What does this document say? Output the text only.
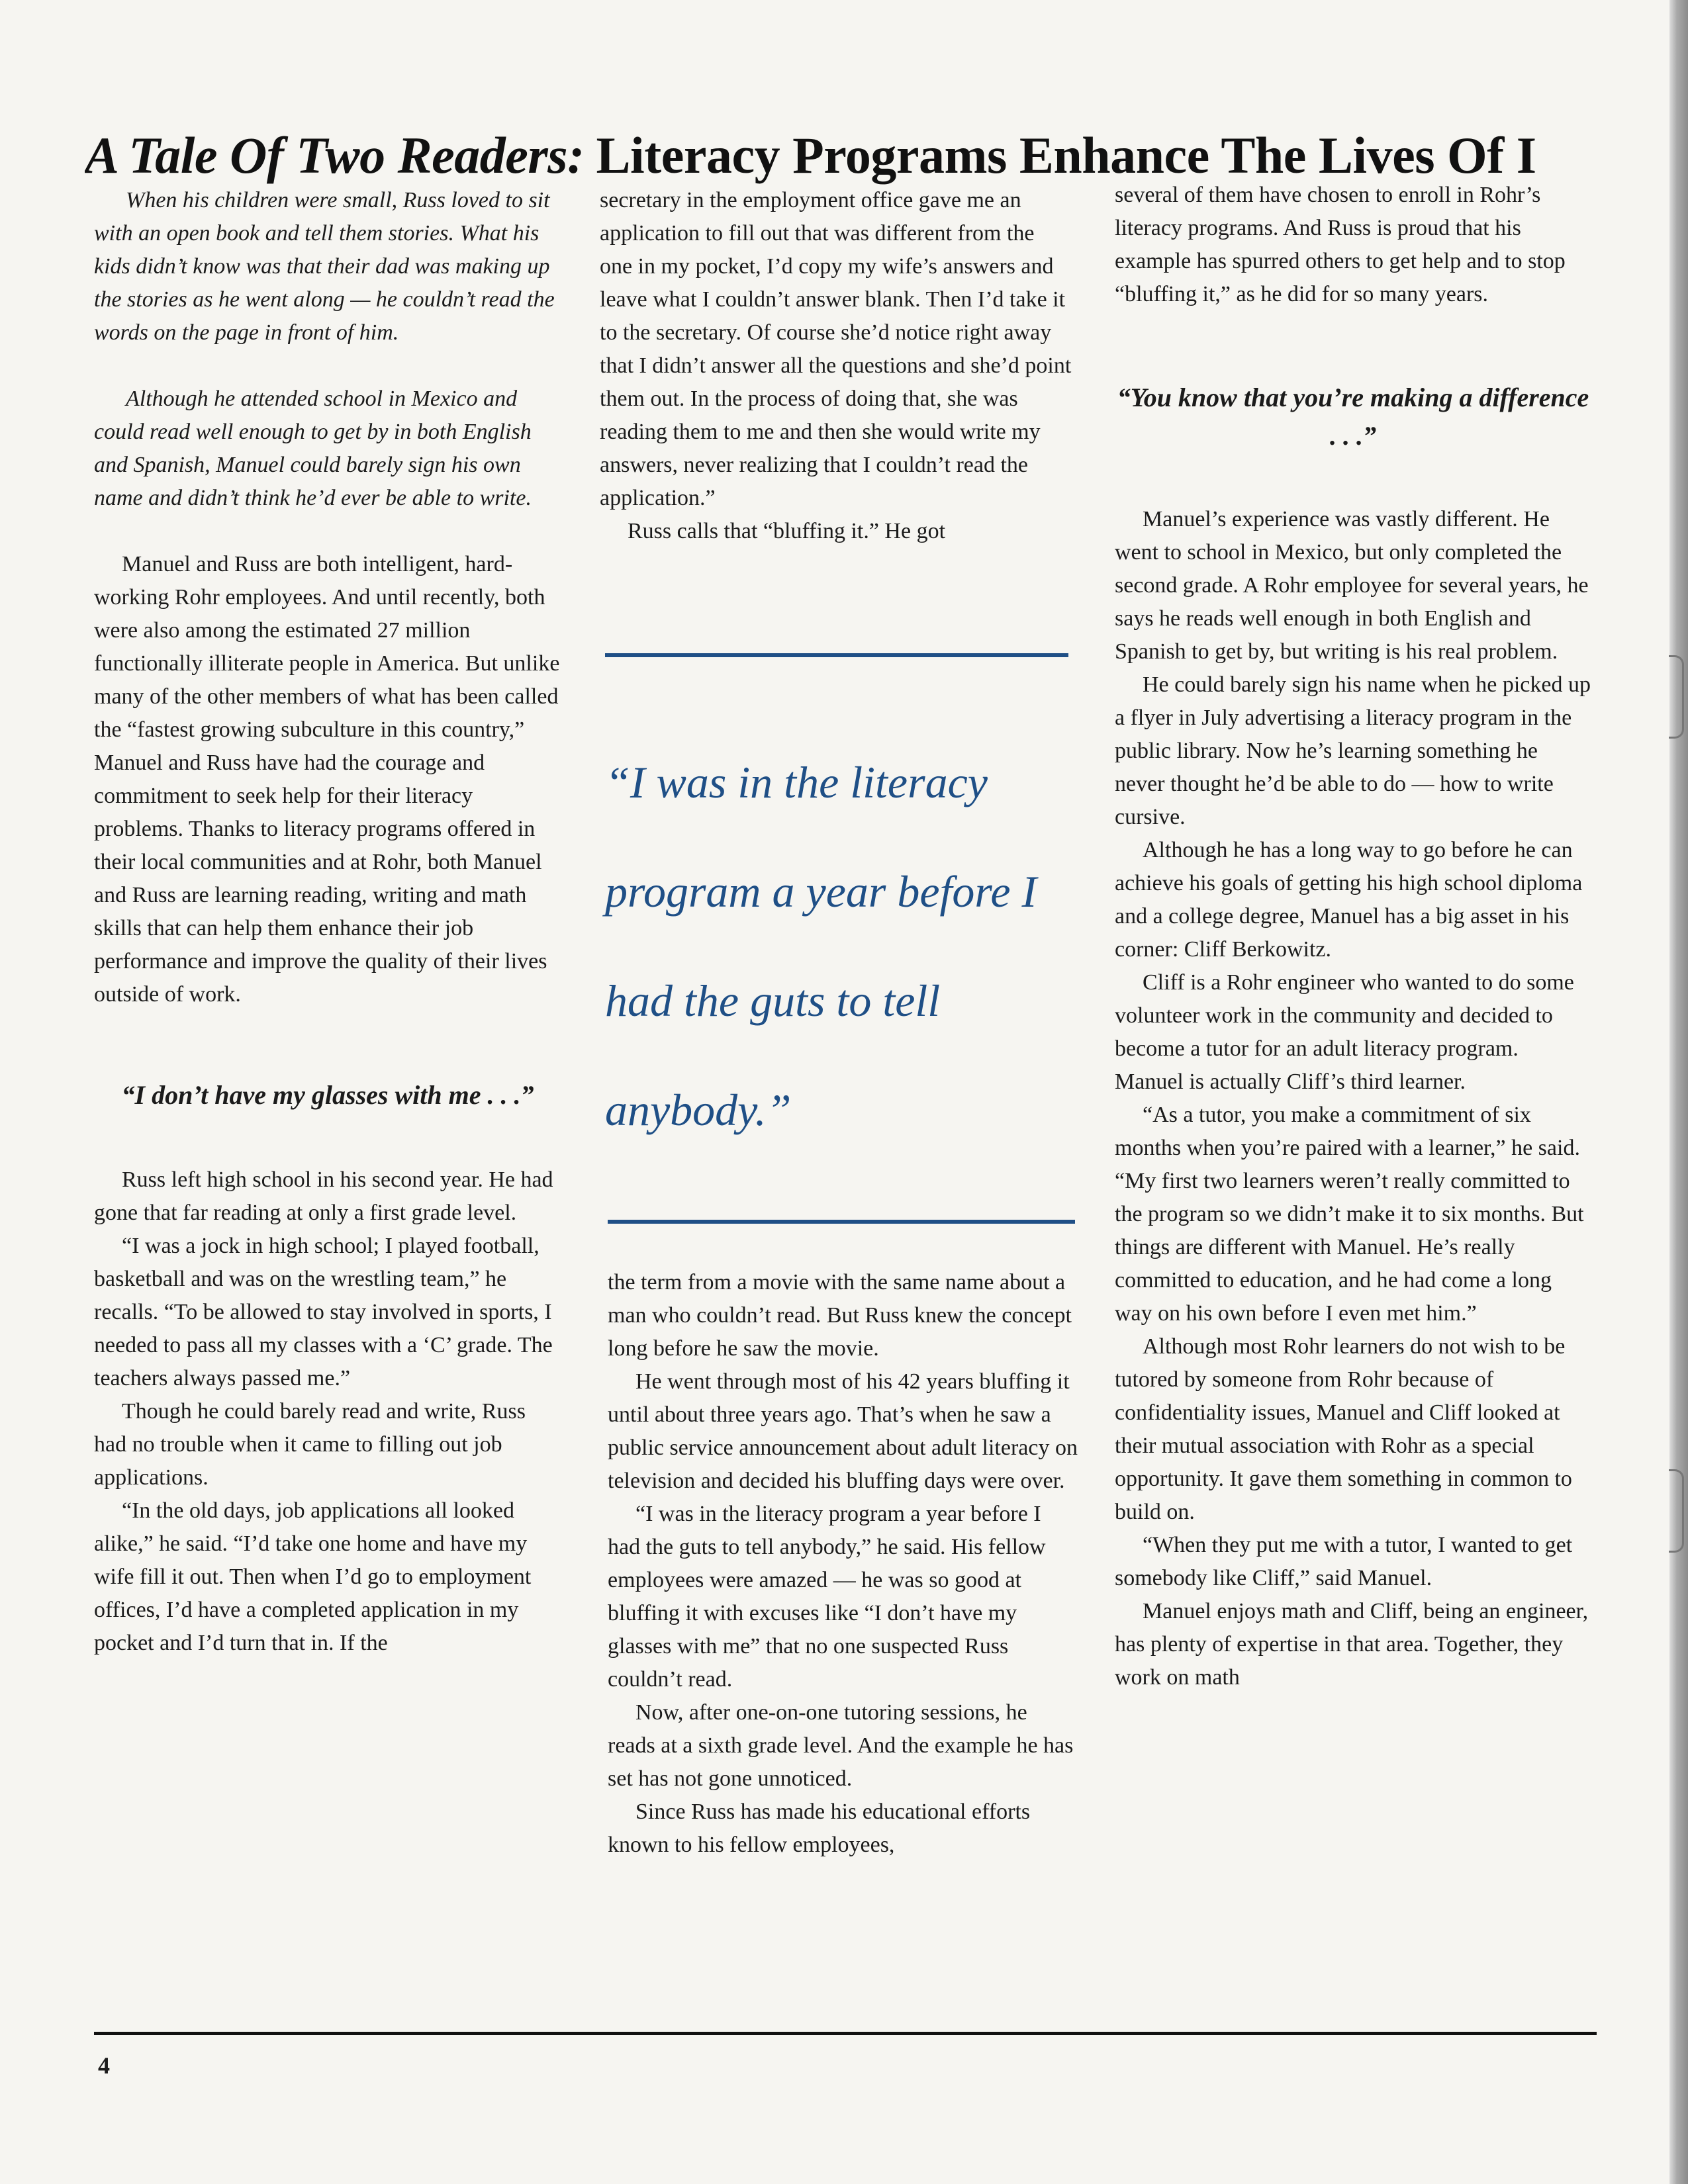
A Tale Of Two Readers: Literacy Programs Enhance The Lives Of I

When his children were small, Russ loved to sit with an open book and tell them stories. What his kids didn’t know was that their dad was making up the stories as he went along — he couldn’t read the words on the page in front of him.

Although he attended school in Mexico and could read well enough to get by in both English and Spanish, Manuel could barely sign his own name and didn’t think he’d ever be able to write.

Manuel and Russ are both intelligent, hard-working Rohr employees. And until recently, both were also among the estimated 27 million functionally illiterate people in America. But unlike many of the other members of what has been called the “fastest growing subculture in this country,” Manuel and Russ have had the courage and commitment to seek help for their literacy problems. Thanks to literacy programs offered in their local communities and at Rohr, both Manuel and Russ are learning reading, writing and math skills that can help them enhance their job performance and improve the quality of their lives outside of work.

“I don’t have my glasses with me . . .”

Russ left high school in his second year. He had gone that far reading at only a first grade level.

“I was a jock in high school; I played football, basketball and was on the wrestling team,” he recalls. “To be allowed to stay involved in sports, I needed to pass all my classes with a ‘C’ grade. The teachers always passed me.”

Though he could barely read and write, Russ had no trouble when it came to filling out job applications.

“In the old days, job applications all looked alike,” he said. “I’d take one home and have my wife fill it out. Then when I’d go to employment offices, I’d have a completed application in my pocket and I’d turn that in. If the

secretary in the employment office gave me an application to fill out that was different from the one in my pocket, I’d copy my wife’s answers and leave what I couldn’t answer blank. Then I’d take it to the secretary. Of course she’d notice right away that I didn’t answer all the questions and she’d point them out. In the process of doing that, she was reading them to me and then she would write my answers, never realizing that I couldn’t read the application.”

Russ calls that “bluffing it.” He got

“I was in the literacy program a year before I had the guts to tell anybody.”

the term from a movie with the same name about a man who couldn’t read. But Russ knew the concept long before he saw the movie.

He went through most of his 42 years bluffing it until about three years ago. That’s when he saw a public service announcement about adult literacy on television and decided his bluffing days were over.

“I was in the literacy program a year before I had the guts to tell anybody,” he said. His fellow employees were amazed — he was so good at bluffing it with excuses like “I don’t have my glasses with me” that no one suspected Russ couldn’t read.

Now, after one-on-one tutoring sessions, he reads at a sixth grade level. And the example he has set has not gone unnoticed.

Since Russ has made his educational efforts known to his fellow employees,

several of them have chosen to enroll in Rohr’s literacy programs. And Russ is proud that his example has spurred others to get help and to stop “bluffing it,” as he did for so many years.

“You know that you’re making a difference . . .”

Manuel’s experience was vastly different. He went to school in Mexico, but only completed the second grade. A Rohr employee for several years, he says he reads well enough in both English and Spanish to get by, but writing is his real problem.

He could barely sign his name when he picked up a flyer in July advertising a literacy program in the public library. Now he’s learning something he never thought he’d be able to do — how to write cursive.

Although he has a long way to go before he can achieve his goals of getting his high school diploma and a college degree, Manuel has a big asset in his corner: Cliff Berkowitz.

Cliff is a Rohr engineer who wanted to do some volunteer work in the community and decided to become a tutor for an adult literacy program. Manuel is actually Cliff’s third learner.

“As a tutor, you make a commitment of six months when you’re paired with a learner,” he said. “My first two learners weren’t really committed to the program so we didn’t make it to six months. But things are different with Manuel. He’s really committed to education, and he had come a long way on his own before I even met him.”

Although most Rohr learners do not wish to be tutored by someone from Rohr because of confidentiality issues, Manuel and Cliff looked at their mutual association with Rohr as a special opportunity. It gave them something in common to build on.

“When they put me with a tutor, I wanted to get somebody like Cliff,” said Manuel.

Manuel enjoys math and Cliff, being an engineer, has plenty of expertise in that area. Together, they work on math

4
